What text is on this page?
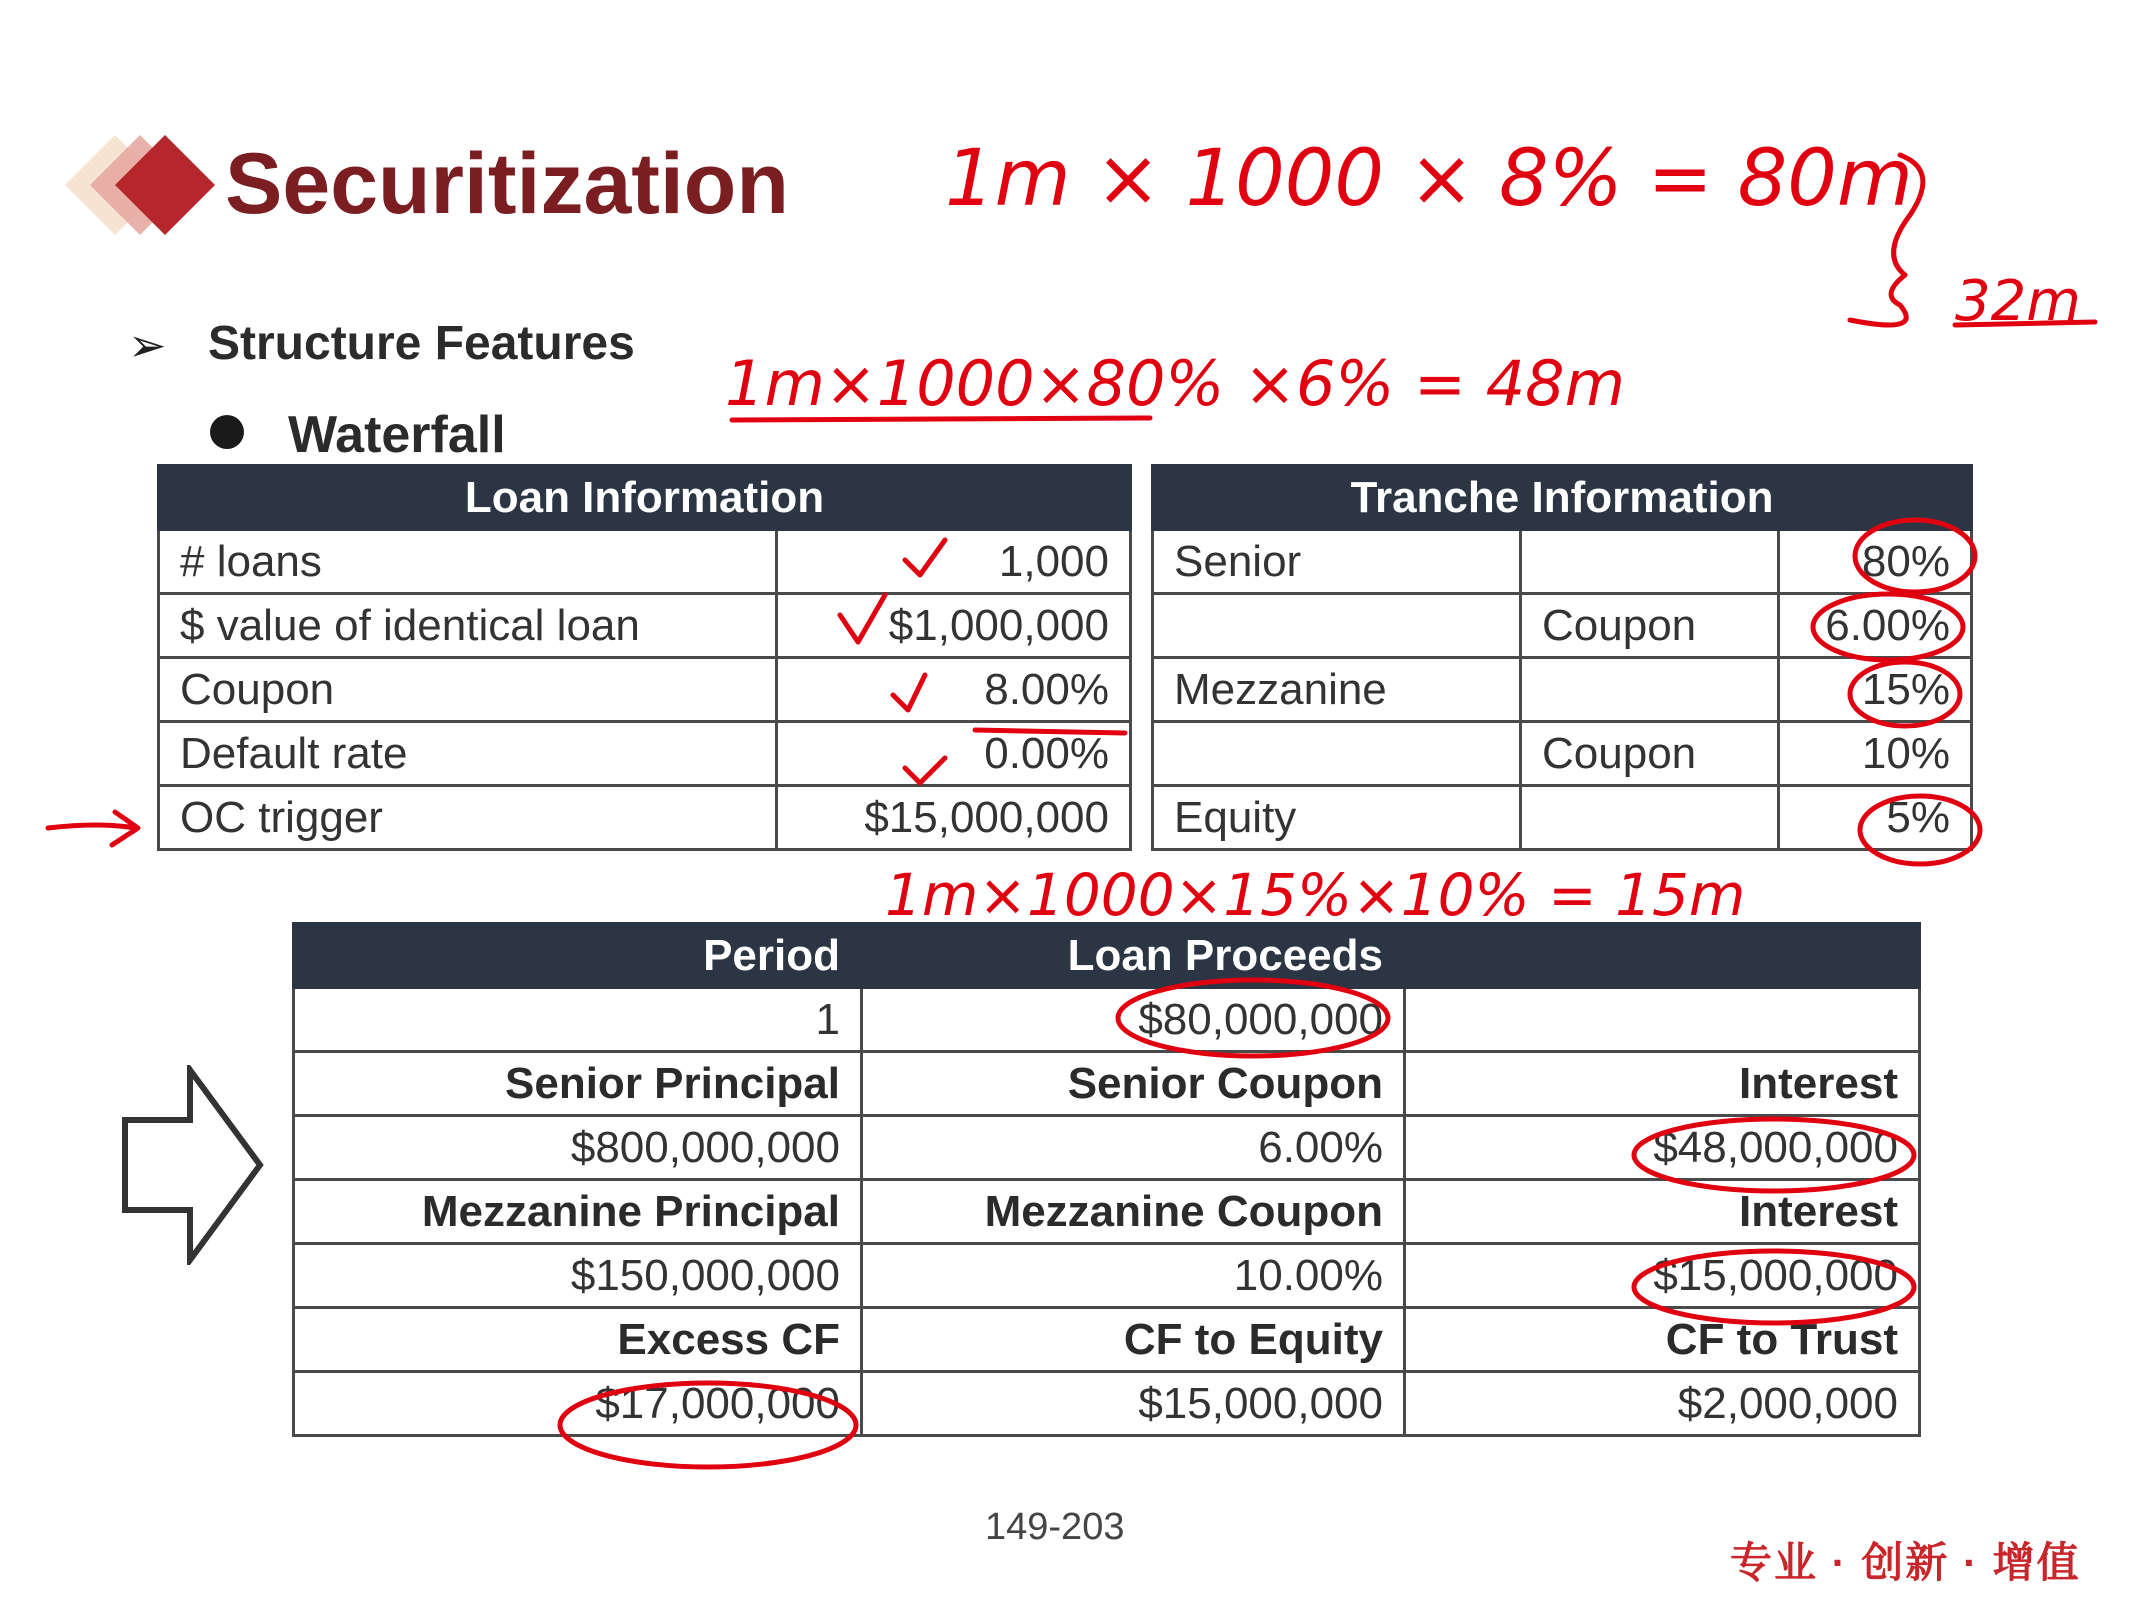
Securitization
➢ Structure Features
Waterfall
Loan Information	
# loans	1,000
$ value of identical loan	$1,000,000
Coupon	8.00%
Default rate	0.00%
OC trigger	$15,000,000
Tranche Information		
Senior		80%
	Coupon	6.00%
Mezzanine		15%
	Coupon	10%
Equity		5%
Period	Loan Proceeds	
1	$80,000,000	
Senior Principal	Senior Coupon	Interest
$800,000,000	6.00%	$48,000,000
Mezzanine Principal	Mezzanine Coupon	Interest
$150,000,000	10.00%	$15,000,000
Excess CF	CF to Equity	CF to Trust
$17,000,000	$15,000,000	$2,000,000
149-203
专业 · 创新 · 增值
1m × 1000 × 8% = 80m
1m×1000×80% ×6% = 48m
32m
1m×1000×15%×10% = 15m
